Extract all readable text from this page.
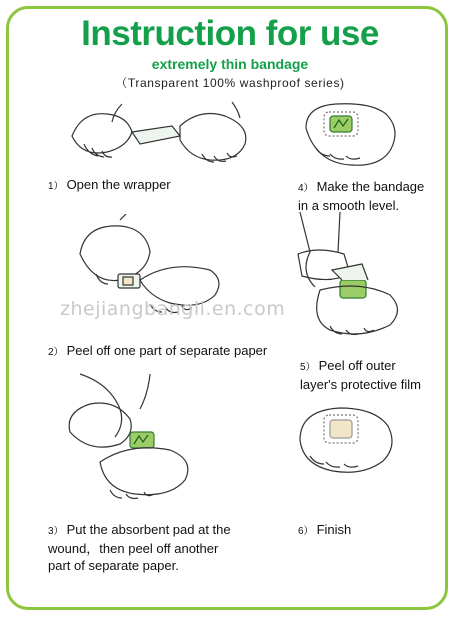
Instruction for use

extremely thin bandage

（Transparent 100% washproof series)

1） Open the wrapper	4） Make the bandage
in a smooth level.
zhejiangbangli.en.com
2） Peel off one part of separate paper
5） Peel off outer
layer's protective film
3） Put the absorbent pad at the
wound，then peel off another
part of separate paper.
6） Finish
